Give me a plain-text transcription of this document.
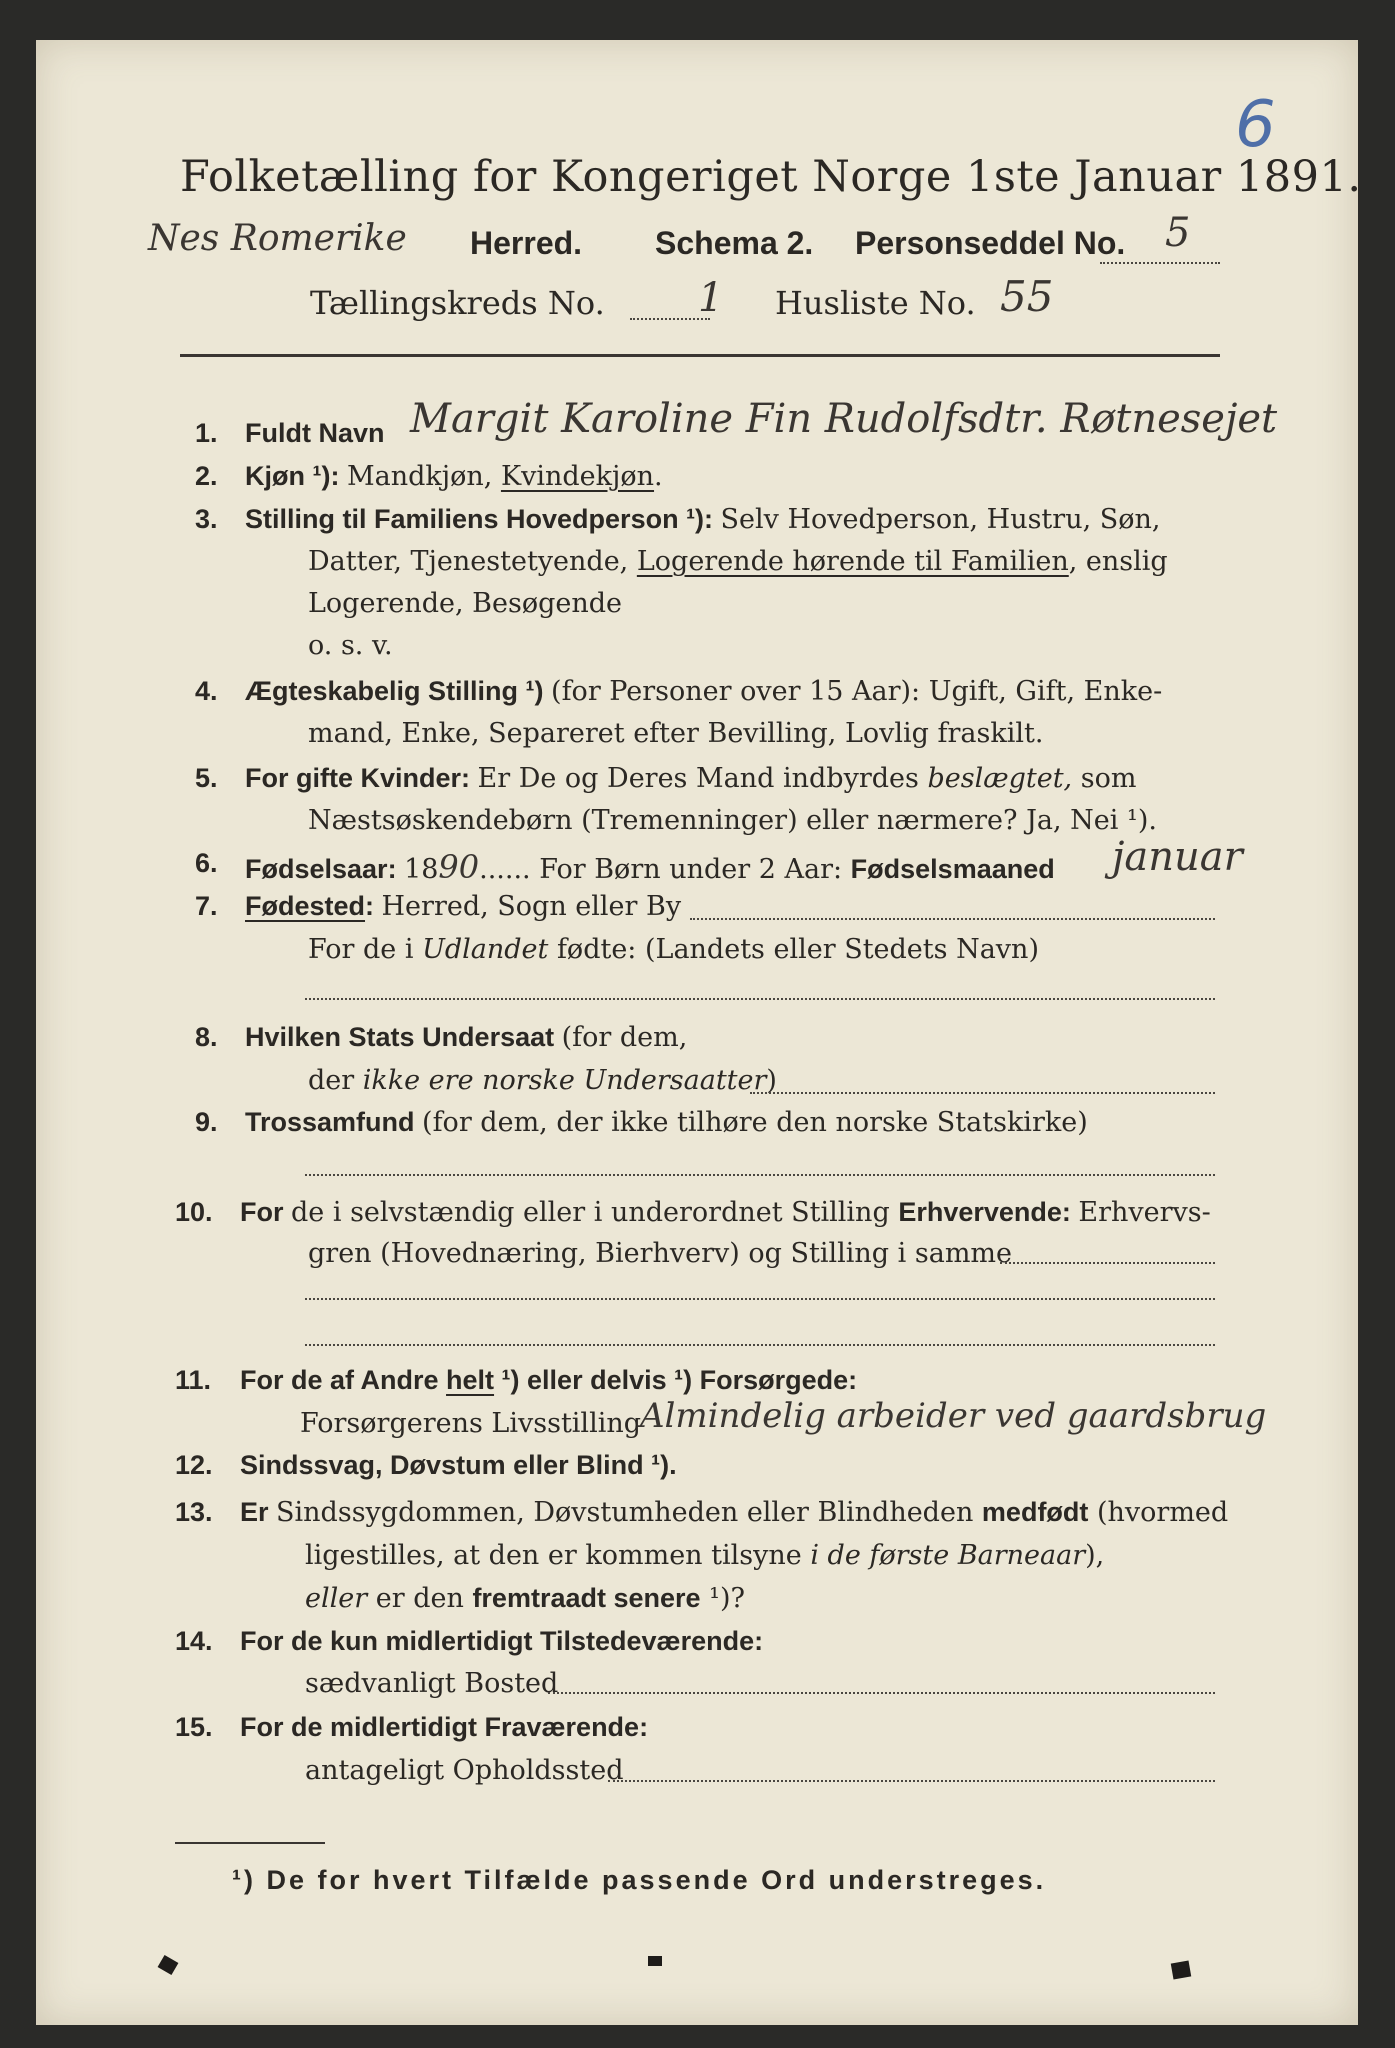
Folketælling for Kongeriget Norge 1ste Januar 1891.
6
Nes Romerike Herred. Schema 2. Personseddel No. 5
Tællingskreds No. 1 Husliste No. 55
1. Fuldt Navn Margit Karoline Fin Rudolfsdtr. Røtnesejet
2. Kjøn ¹): Mandkjøn, Kvindekjøn.
3. Stilling til Familiens Hovedperson ¹): Selv Hovedperson, Hustru, Søn,
Datter, Tjenestetyende, Logerende hørende til Familien, enslig
Logerende, Besøgende
o. s. v.
4. Ægteskabelig Stilling ¹) (for Personer over 15 Aar): Ugift, Gift, Enke-
mand, Enke, Separeret efter Bevilling, Lovlig fraskilt.
5. For gifte Kvinder: Er De og Deres Mand indbyrdes beslægtet, som
Næstsøskendebørn (Tremenninger) eller nærmere? Ja, Nei ¹).
6. Fødselsaar: 1890...... For Børn under 2 Aar: Fødselsmaaned januar
7. Fødested: Herred, Sogn eller By
For de i Udlandet fødte: (Landets eller Stedets Navn)
8. Hvilken Stats Undersaat (for dem,
der ikke ere norske Undersaatter)
9. Trossamfund (for dem, der ikke tilhøre den norske Statskirke)
10. For de i selvstændig eller i underordnet Stilling Erhvervende: Erhvervs-
gren (Hovednæring, Bierhverv) og Stilling i samme
11. For de af Andre helt ¹) eller delvis ¹) Forsørgede:
Forsørgerens Livsstilling
Almindelig arbeider ved gaardsbrug
12. Sindssvag, Døvstum eller Blind ¹).
13. Er Sindssygdommen, Døvstumheden eller Blindheden medfødt (hvormed
ligestilles, at den er kommen tilsyne i de første Barneaar),
eller er den fremtraadt senere ¹)?
14. For de kun midlertidigt Tilstedeværende:
sædvanligt Bosted
15. For de midlertidigt Fraværende:
antageligt Opholdssted
¹) De for hvert Tilfælde passende Ord understreges.
